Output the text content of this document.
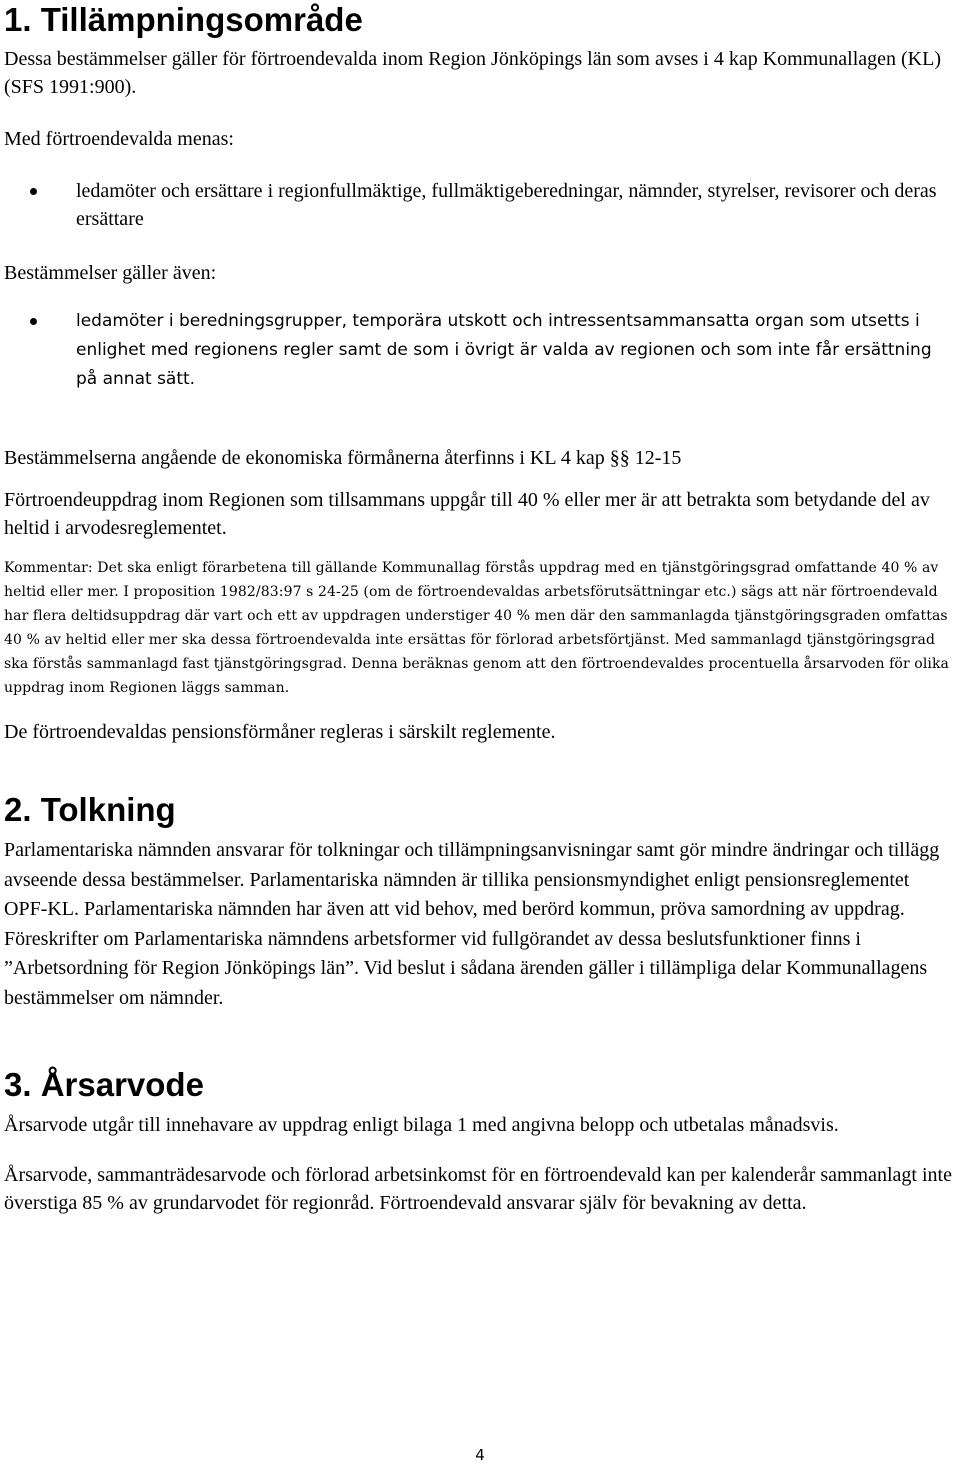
1. Tillämpningsområde

Dessa bestämmelser gäller för förtroendevalda inom Region Jönköpings län som avses i 4 kap Kommunallagen (KL) (SFS 1991:900).

Med förtroendevalda menas:

ledamöter och ersättare i regionfullmäktige, fullmäktigeberedningar, nämnder, styrelser, revisorer och deras ersättare

Bestämmelser gäller även:

ledamöter i beredningsgrupper, temporära utskott och intressentsammansatta organ som utsetts i enlighet med regionens regler samt de som i övrigt är valda av regionen och som inte får ersättning på annat sätt.

Bestämmelserna angående de ekonomiska förmånerna återfinns i KL 4 kap §§ 12-15

Förtroendeuppdrag inom Regionen som tillsammans uppgår till 40 % eller mer är att betrakta som betydande del av heltid i arvodesreglementet.

Kommentar: Det ska enligt förarbetena till gällande Kommunallag förstås uppdrag med en tjänstgöringsgrad omfattande 40 % av heltid eller mer. I proposition 1982/83:97 s 24-25 (om de förtroendevaldas arbetsförutsättningar etc.) sägs att när förtroendevald har flera deltidsuppdrag där vart och ett av uppdragen understiger 40 % men där den sammanlagda tjänstgöringsgraden omfattas 40 % av heltid eller mer ska dessa förtroendevalda inte ersättas för förlorad arbetsförtjänst. Med sammanlagd tjänstgöringsgrad ska förstås sammanlagd fast tjänstgöringsgrad. Denna beräknas genom att den förtroendevaldes procentuella årsarvoden för olika uppdrag inom Regionen läggs samman.

De förtroendevaldas pensionsförmåner regleras i särskilt reglemente.

2. Tolkning

Parlamentariska nämnden ansvarar för tolkningar och tillämpningsanvisningar samt gör mindre ändringar och tillägg avseende dessa bestämmelser. Parlamentariska nämnden är tillika pensionsmyndighet enligt pensionsreglementet OPF-KL. Parlamentariska nämnden har även att vid behov, med berörd kommun, pröva samordning av uppdrag. Föreskrifter om Parlamentariska nämndens arbetsformer vid fullgörandet av dessa beslutsfunktioner finns i ”Arbetsordning för Region Jönköpings län”. Vid beslut i sådana ärenden gäller i tillämpliga delar Kommunallagens bestämmelser om nämnder.

3. Årsarvode

Årsarvode utgår till innehavare av uppdrag enligt bilaga 1 med angivna belopp och utbetalas månadsvis.

Årsarvode, sammanträdesarvode och förlorad arbetsinkomst för en förtroendevald kan per kalenderår sammanlagt inte överstiga 85 % av grundarvodet för regionråd. Förtroendevald ansvarar själv för bevakning av detta.

4
